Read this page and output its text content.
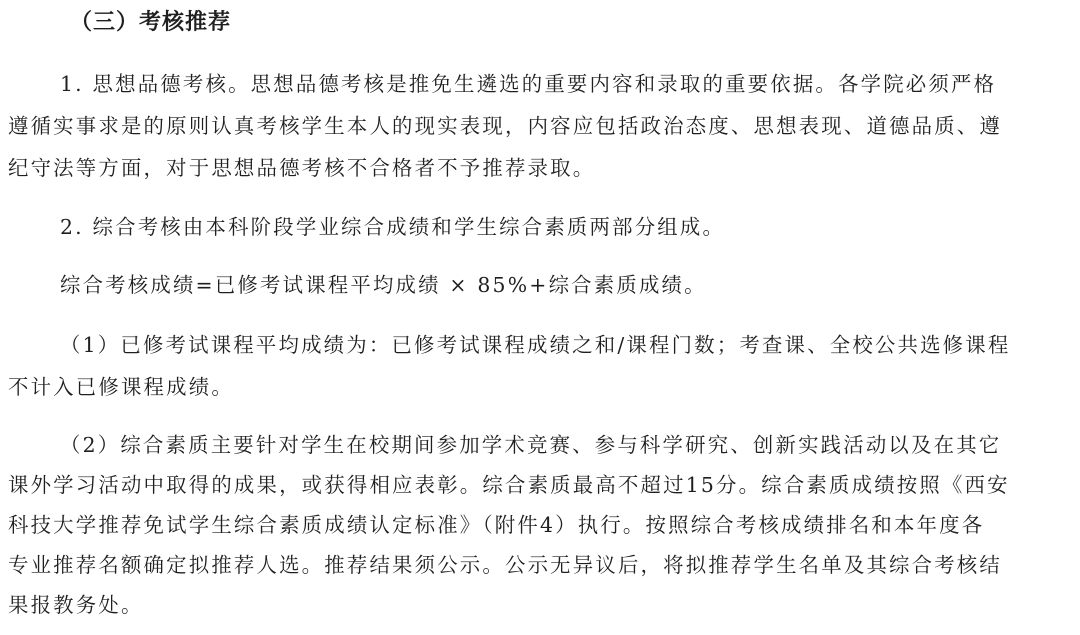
（三）考核推荐
1. 思想品德考核。思想品德考核是推免生遴选的重要内容和录取的重要依据。各学院必须严格
遵循实事求是的原则认真考核学生本人的现实表现，内容应包括政治态度、思想表现、道德品质、遵
纪守法等方面，对于思想品德考核不合格者不予推荐录取。
2. 综合考核由本科阶段学业综合成绩和学生综合素质两部分组成。
综合考核成绩=已修考试课程平均成绩 × 85%+综合素质成绩。
（1）已修考试课程平均成绩为：已修考试课程成绩之和/课程门数；考查课、全校公共选修课程
不计入已修课程成绩。
（2）综合素质主要针对学生在校期间参加学术竞赛、参与科学研究、创新实践活动以及在其它
课外学习活动中取得的成果，或获得相应表彰。综合素质最高不超过15分。综合素质成绩按照《西安
科技大学推荐免试学生综合素质成绩认定标准》（附件4）执行。按照综合考核成绩排名和本年度各
专业推荐名额确定拟推荐人选。推荐结果须公示。公示无异议后，将拟推荐学生名单及其综合考核结
果报教务处。
